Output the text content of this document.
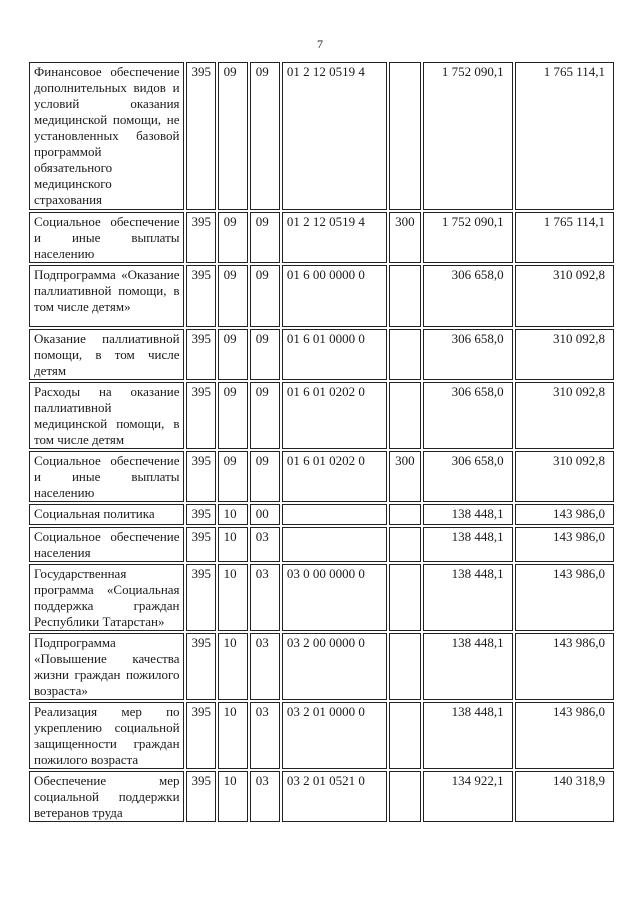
7
Финансовое обеспечение дополнительных видов и условий оказания медицинской помощи, не установленных базовой программой обязательного медицинского страхования	395	09	09	01 2 12 0519 4		1 752 090,1	1 765 114,1
Социальное обеспечение и иные выплаты населению	395	09	09	01 2 12 0519 4	300	1 752 090,1	1 765 114,1
Подпрограмма «Оказание паллиативной помощи, в том числе детям»	395	09	09	01 6 00 0000 0		306 658,0	310 092,8
Оказание паллиативной помощи, в том числе детям	395	09	09	01 6 01 0000 0		306 658,0	310 092,8
Расходы на оказание паллиативной медицинской помощи, в том числе детям	395	09	09	01 6 01 0202 0		306 658,0	310 092,8
Социальное обеспечение и иные выплаты населению	395	09	09	01 6 01 0202 0	300	306 658,0	310 092,8
Социальная политика	395	10	00			138 448,1	143 986,0
Социальное обеспечение населения	395	10	03			138 448,1	143 986,0
Государственная программа «Социальная поддержка граждан Республики Татарстан»	395	10	03	03 0 00 0000 0		138 448,1	143 986,0
Подпрограмма «Повышение качества жизни граждан пожилого возраста»	395	10	03	03 2 00 0000 0		138 448,1	143 986,0
Реализация мер по укреплению социальной защищенности граждан пожилого возраста	395	10	03	03 2 01 0000 0		138 448,1	143 986,0
Обеспечение мер социальной поддержки ветеранов труда	395	10	03	03 2 01 0521 0		134 922,1	140 318,9
